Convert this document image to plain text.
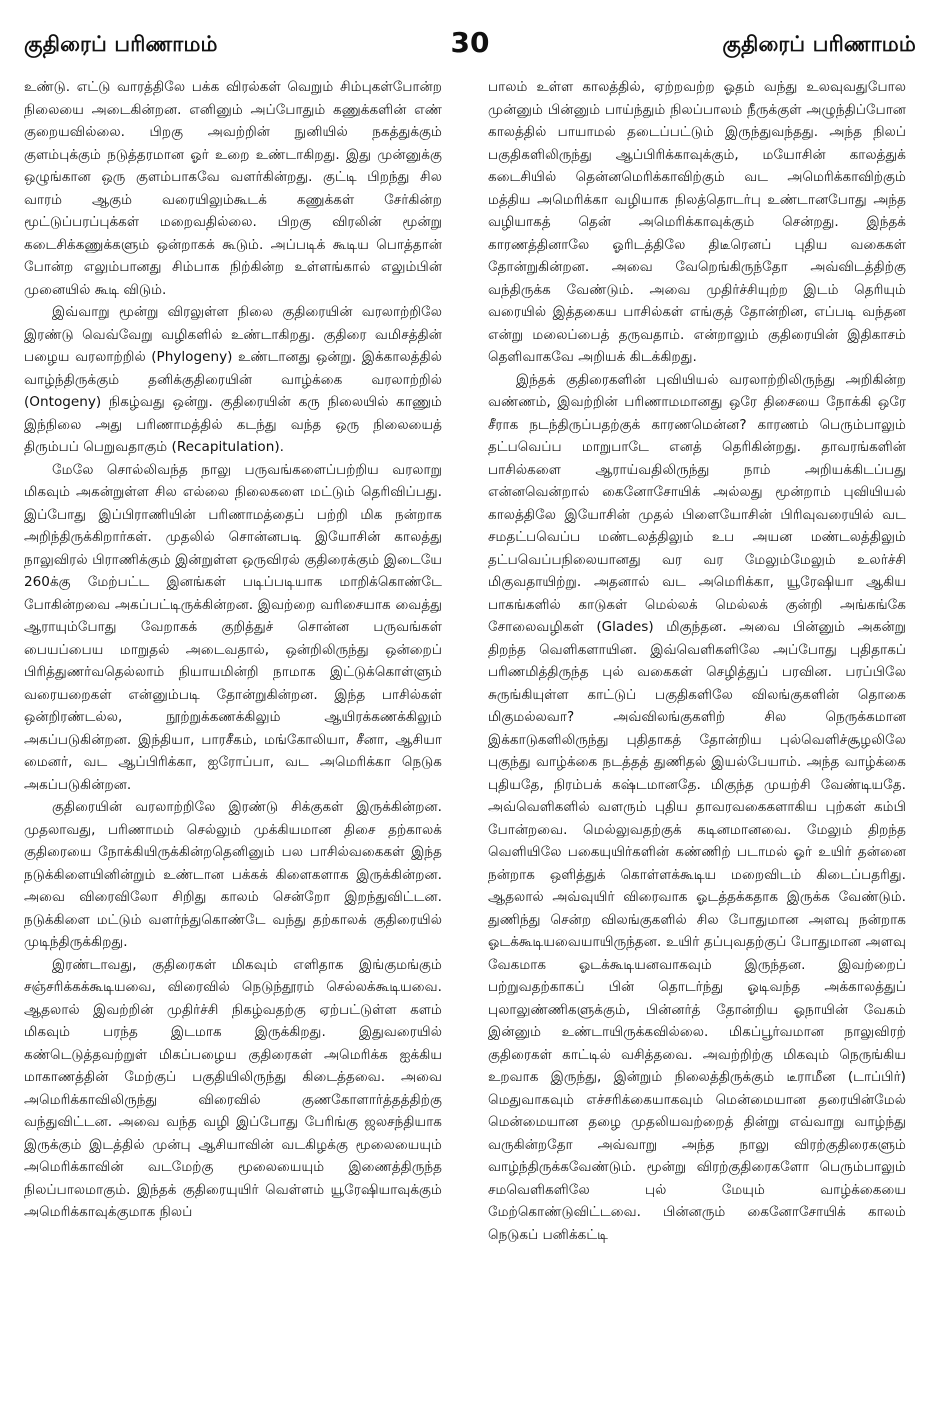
குதிரைப் பரிணாமம்	30	குதிரைப் பரிணாமம்

உண்டு. எட்டு வாரத்திலே பக்க விரல்கள் வெறும் சிம்புகள்போன்ற நிலையை அடைகின்றன. எனினும் அப்போதும் கணுக்களின் எண் குறையவில்லை. பிறகு அவற்றின் நுனியில் நகத்துக்கும் குளம்புக்கும் நடுத்தரமான ஓர் உறை உண்டாகிறது. இது முன்னுக்கு ஒழுங்கான ஒரு குளம்பாகவே வளர்கின்றது. குட்டி பிறந்து சில வாரம் ஆகும் வரையிலும்கூடக் கணுக்கள் சேர்கின்ற மூட்டுப்பரப்புக்கள் மறைவதில்லை. பிறகு விரலின் மூன்று கடைசிக்கணுக்களும் ஒன்றாகக் கூடும். அப்படிக் கூடிய பொத்தான் போன்ற எலும்பானது சிம்பாக நிற்கின்ற உள்ளங்கால் எலும்பின் முனையில் கூடி விடும்.

இவ்வாறு மூன்று விரலுள்ள நிலை குதிரையின் வரலாற்றிலே இரண்டு வெவ்வேறு வழிகளில் உண்டாகிறது. குதிரை வமிசத்தின் பழைய வரலாற்றில் (Phylogeny) உண்டானது ஒன்று. இக்காலத்தில் வாழ்ந்திருக்கும் தனிக்குதிரையின் வாழ்க்கை வரலாற்றில் (Ontogeny) நிகழ்வது ஒன்று. குதிரையின் கரு நிலையில் காணும் இந்நிலை அது பரிணாமத்தில் கடந்து வந்த ஒரு நிலையைத் திரும்பப் பெறுவதாகும் (Recapitulation).

மேலே சொல்லிவந்த நாலு பருவங்களைப்பற்றிய வரலாறு மிகவும் அகன்றுள்ள சில எல்லை நிலைகளை மட்டும் தெரிவிப்பது. இப்போது இப்பிராணியின் பரிணாமத்தைப் பற்றி மிக நன்றாக அறிந்திருக்கிறார்கள். முதலில் சொன்னபடி இயோசின் காலத்து நாலுவிரல் பிராணிக்கும் இன்றுள்ள ஒருவிரல் குதிரைக்கும் இடையே 260க்கு மேற்பட்ட இனங்கள் படிப்படியாக மாறிக்கொண்டே போகின்றவை அகப்பட்டிருக்கின்றன. இவற்றை வரிசையாக வைத்து ஆராயும்போது வேறாகக் குறித்துச் சொன்ன பருவங்கள் பையப்பைய மாறுதல் அடைவதால், ஒன்றிலிருந்து ஒன்றைப் பிரித்துணர்வதெல்லாம் நியாயமின்றி நாமாக இட்டுக்கொள்ளும் வரையறைகள் என்னும்படி தோன்றுகின்றன. இந்த பாசில்கள் ஒன்றிரண்டல்ல, நூற்றுக்கணக்கிலும் ஆயிரக்கணக்கிலும் அகப்படுகின்றன. இந்தியா, பாரசீகம், மங்கோலியா, சீனா, ஆசியா மைனர், வட ஆப்பிரிக்கா, ஐரோப்பா, வட அமெரிக்கா நெடுக அகப்படுகின்றன.

குதிரையின் வரலாற்றிலே இரண்டு சிக்குகள் இருக்கின்றன. முதலாவது, பரிணாமம் செல்லும் முக்கியமான திசை தற்காலக் குதிரையை நோக்கியிருக்கின்றதெனினும் பல பாசில்வகைகள் இந்த நடுக்கிளையினின்றும் உண்டான பக்கக் கிளைகளாக இருக்கின்றன. அவை விரைவிலோ சிறிது காலம் சென்றோ இறந்துவிட்டன. நடுக்கிளை மட்டும் வளர்ந்துகொண்டே வந்து தற்காலக் குதிரையில் முடிந்திருக்கிறது.

இரண்டாவது, குதிரைகள் மிகவும் எளிதாக இங்குமங்கும் சஞ்சரிக்கக்கூடியவை, விரைவில் நெடுந்தூரம் செல்லக்கூடியவை. ஆதலால் இவற்றின் முதிர்ச்சி நிகழ்வதற்கு ஏற்பட்டுள்ள களம் மிகவும் பரந்த இடமாக இருக்கிறது. இதுவரையில் கண்டெடுத்தவற்றுள் மிகப்பழைய குதிரைகள் அமெரிக்க ஐக்கிய மாகாணத்தின் மேற்குப் பகுதியிலிருந்து கிடைத்தவை. அவை அமெரிக்காவிலிருந்து விரைவில் குணகோளார்த்தத்திற்கு வந்துவிட்டன. அவை வந்த வழி இப்போது பேரிங்கு ஜலசந்தியாக இருக்கும் இடத்தில் முன்பு ஆசியாவின் வடகிழக்கு மூலையையும் அமெரிக்காவின் வடமேற்கு மூலையையும் இணைத்திருந்த நிலப்பாலமாகும். இந்தக் குதிரையுயிர் வெள்ளம் யூரேஷியாவுக்கும் அமெரிக்காவுக்குமாக நிலப்

பாலம் உள்ள காலத்தில், ஏற்றவற்ற ஓதம் வந்து உலவுவதுபோல முன்னும் பின்னும் பாய்ந்தும் நிலப்பாலம் நீருக்குள் அழுந்திப்போன காலத்தில் பாயாமல் தடைப்பட்டும் இருந்துவந்தது. அந்த நிலப் பகுதிகளிலிருந்து ஆப்பிரிக்காவுக்கும், மயோசின் காலத்துக் கடைசியில் தென்னமெரிக்காவிற்கும் வட அமெரிக்காவிற்கும் மத்திய அமெரிக்கா வழியாக நிலத்தொடர்பு உண்டானபோது அந்த வழியாகத் தென் அமெரிக்காவுக்கும் சென்றது. இந்தக் காரணத்தினாலே ஓரிடத்திலே திடீரெனப் புதிய வகைகள் தோன்றுகின்றன. அவை வேறெங்கிருந்தோ அவ்விடத்திற்கு வந்திருக்க வேண்டும். அவை முதிர்ச்சியுற்ற இடம் தெரியும் வரையில் இத்தகைய பாசில்கள் எங்குத் தோன்றின, எப்படி வந்தன என்று மலைப்பைத் தருவதாம். என்றாலும் குதிரையின் இதிகாசம் தெளிவாகவே அறியக் கிடக்கிறது.

இந்தக் குதிரைகளின் புவியியல் வரலாற்றிலிருந்து அறிகின்ற வண்ணம், இவற்றின் பரிணாமமானது ஒரே திசையை நோக்கி ஒரே சீராக நடந்திருப்பதற்குக் காரணமென்ன? காரணம் பெரும்பாலும் தட்பவெப்ப மாறுபாடே எனத் தெரிகின்றது. தாவரங்களின் பாசில்களை ஆராய்வதிலிருந்து நாம் அறியக்கிடப்பது என்னவென்றால் கைனோசோயிக் அல்லது மூன்றாம் புவியியல் காலத்திலே இயோசின் முதல் பிளையோசின் பிரிவுவரையில் வட சமதட்பவெப்ப மண்டலத்திலும் உப அயன மண்டலத்திலும் தட்பவெப்பநிலையானது வர வர மேலும்மேலும் உலர்ச்சி மிகுவதாயிற்று. அதனால் வட அமெரிக்கா, யூரேஷியா ஆகிய பாகங்களில் காடுகள் மெல்லக் மெல்லக் குன்றி அங்கங்கே சோலைவழிகள் (Glades) மிகுந்தன. அவை பின்னும் அகன்று திறந்த வெளிகளாயின. இவ்வெளிகளிலே அப்போது புதிதாகப் பரிணமித்திருந்த புல் வகைகள் செழித்துப் பரவின. பரப்பிலே சுருங்கியுள்ள காட்டுப் பகுதிகளிலே விலங்குகளின் தொகை மிகுமல்லவா? அவ்விலங்குகளிற் சில நெருக்கமான இக்காடுகளிலிருந்து புதிதாகத் தோன்றிய புல்வெளிச்சூழலிலே புகுந்து வாழ்க்கை நடத்தத் துணிதல் இயல்பேயாம். அந்த வாழ்க்கை புதியதே, நிரம்பக் கஷ்டமானதே. மிகுந்த முயற்சி வேண்டியதே. அவ்வெளிகளில் வளரும் புதிய தாவரவகைகளாகிய புற்கள் கம்பி போன்றவை. மெல்லுவதற்குக் கடினமானவை. மேலும் திறந்த வெளியிலே பகையுயிர்களின் கண்ணிற் படாமல் ஓர் உயிர் தன்னை நன்றாக ஒளித்துக் கொள்ளக்கூடிய மறைவிடம் கிடைப்பதரிது. ஆதலால் அவ்வுயிர் விரைவாக ஓடத்தக்கதாக இருக்க வேண்டும். துணிந்து சென்ற விலங்குகளில் சில போதுமான அளவு நன்றாக ஓடக்கூடியவையாயிருந்தன. உயிர் தப்புவதற்குப் போதுமான அளவு வேகமாக ஓடக்கூடியனவாகவும் இருந்தன. இவற்றைப் பற்றுவதற்காகப் பின் தொடர்ந்து ஓடிவந்த அக்காலத்துப் புலாலுண்ணிகளுக்கும், பின்னர்த் தோன்றிய ஓநாயின் வேகம் இன்னும் உண்டாயிருக்கவில்லை. மிகப்பூர்வமான நாலுவிரற் குதிரைகள் காட்டில் வசித்தவை. அவற்றிற்கு மிகவும் நெருங்கிய உறவாக இருந்து, இன்றும் நிலைத்திருக்கும் டீராமீன (டாப்பிர்) மெதுவாகவும் எச்சரிக்கையாகவும் மென்மையான தரையின்மேல் மென்மையான தழை முதலியவற்றைத் தின்று எவ்வாறு வாழ்ந்து வருகின்றதோ அவ்வாறு அந்த நாலு விரற்குதிரைகளும் வாழ்ந்திருக்கவேண்டும். மூன்று விரற்குதிரைகளோ பெரும்பாலும் சமவெளிகளிலே புல் மேயும் வாழ்க்கையை மேற்கொண்டுவிட்டவை. பின்னரும் கைனோசோயிக் காலம் நெடுகப் பனிக்கட்டி
